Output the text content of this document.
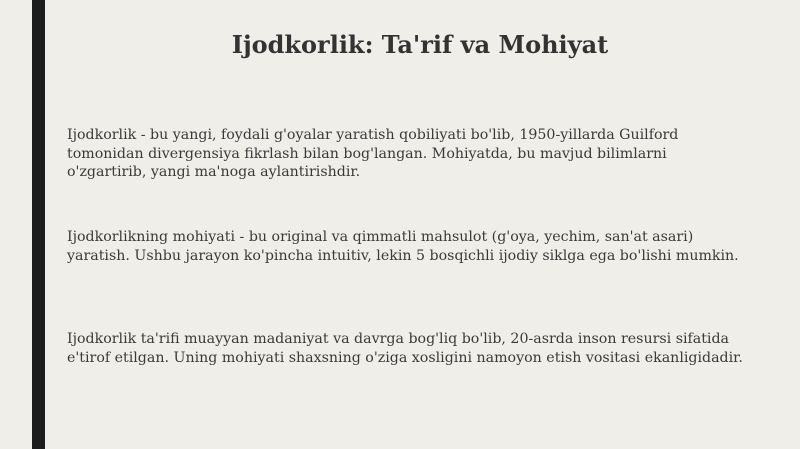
Ijodkorlik: Ta'rif va Mohiyat

Ijodkorlik - bu yangi, foydali g'oyalar yaratish qobiliyati bo'lib, 1950-yillarda Guilford tomonidan divergensiya fikrlash bilan bog'langan. Mohiyatda, bu mavjud bilimlarni o'zgartirib, yangi ma'noga aylantirishdir.

Ijodkorlikning mohiyati - bu original va qimmatli mahsulot (g'oya, yechim, san'at asari) yaratish. Ushbu jarayon ko'pincha intuitiv, lekin 5 bosqichli ijodiy siklga ega bo'lishi mumkin.

Ijodkorlik ta'rifi muayyan madaniyat va davrga bog'liq bo'lib, 20-asrda inson resursi sifatida e'tirof etilgan. Uning mohiyati shaxsning o'ziga xosligini namoyon etish vositasi ekanligidadir.
